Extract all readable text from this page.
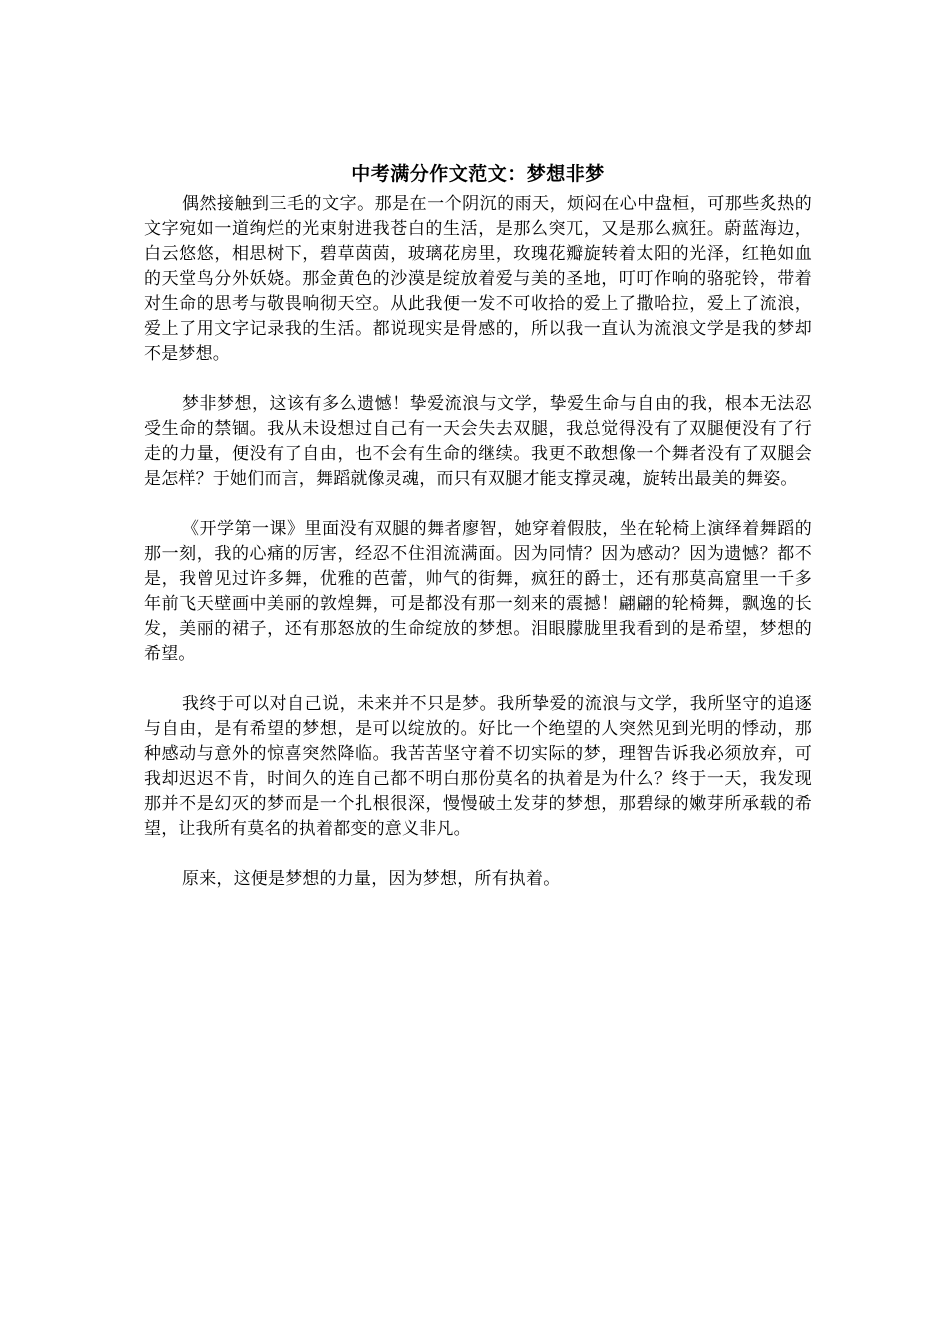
中考满分作文范文：梦想非梦

偶然接触到三毛的文字。那是在一个阴沉的雨天，烦闷在心中盘桓，可那些炙热的文字宛如一道绚烂的光束射进我苍白的生活，是那么突兀，又是那么疯狂。蔚蓝海边，白云悠悠，相思树下，碧草茵茵，玻璃花房里，玫瑰花瓣旋转着太阳的光泽，红艳如血的天堂鸟分外妖娆。那金黄色的沙漠是绽放着爱与美的圣地，叮叮作响的骆驼铃，带着对生命的思考与敬畏响彻天空。从此我便一发不可收拾的爱上了撒哈拉，爱上了流浪，爱上了用文字记录我的生活。都说现实是骨感的，所以我一直认为流浪文学是我的梦却不是梦想。

梦非梦想，这该有多么遗憾！挚爱流浪与文学，挚爱生命与自由的我，根本无法忍受生命的禁锢。我从未设想过自己有一天会失去双腿，我总觉得没有了双腿便没有了行走的力量，便没有了自由，也不会有生命的继续。我更不敢想像一个舞者没有了双腿会是怎样？于她们而言，舞蹈就像灵魂，而只有双腿才能支撑灵魂，旋转出最美的舞姿。

《开学第一课》里面没有双腿的舞者廖智，她穿着假肢，坐在轮椅上演绎着舞蹈的那一刻，我的心痛的厉害，经忍不住泪流满面。因为同情？因为感动？因为遗憾？都不是，我曾见过许多舞，优雅的芭蕾，帅气的街舞，疯狂的爵士，还有那莫高窟里一千多年前飞天壁画中美丽的敦煌舞，可是都没有那一刻来的震撼！翩翩的轮椅舞，飘逸的长发，美丽的裙子，还有那怒放的生命绽放的梦想。泪眼朦胧里我看到的是希望，梦想的希望。

我终于可以对自己说，未来并不只是梦。我所挚爱的流浪与文学，我所坚守的追逐与自由，是有希望的梦想，是可以绽放的。好比一个绝望的人突然见到光明的悸动，那种感动与意外的惊喜突然降临。我苦苦坚守着不切实际的梦，理智告诉我必须放弃，可我却迟迟不肯，时间久的连自己都不明白那份莫名的执着是为什么？终于一天，我发现那并不是幻灭的梦而是一个扎根很深，慢慢破土发芽的梦想，那碧绿的嫩芽所承载的希望，让我所有莫名的执着都变的意义非凡。

原来，这便是梦想的力量，因为梦想，所有执着。
